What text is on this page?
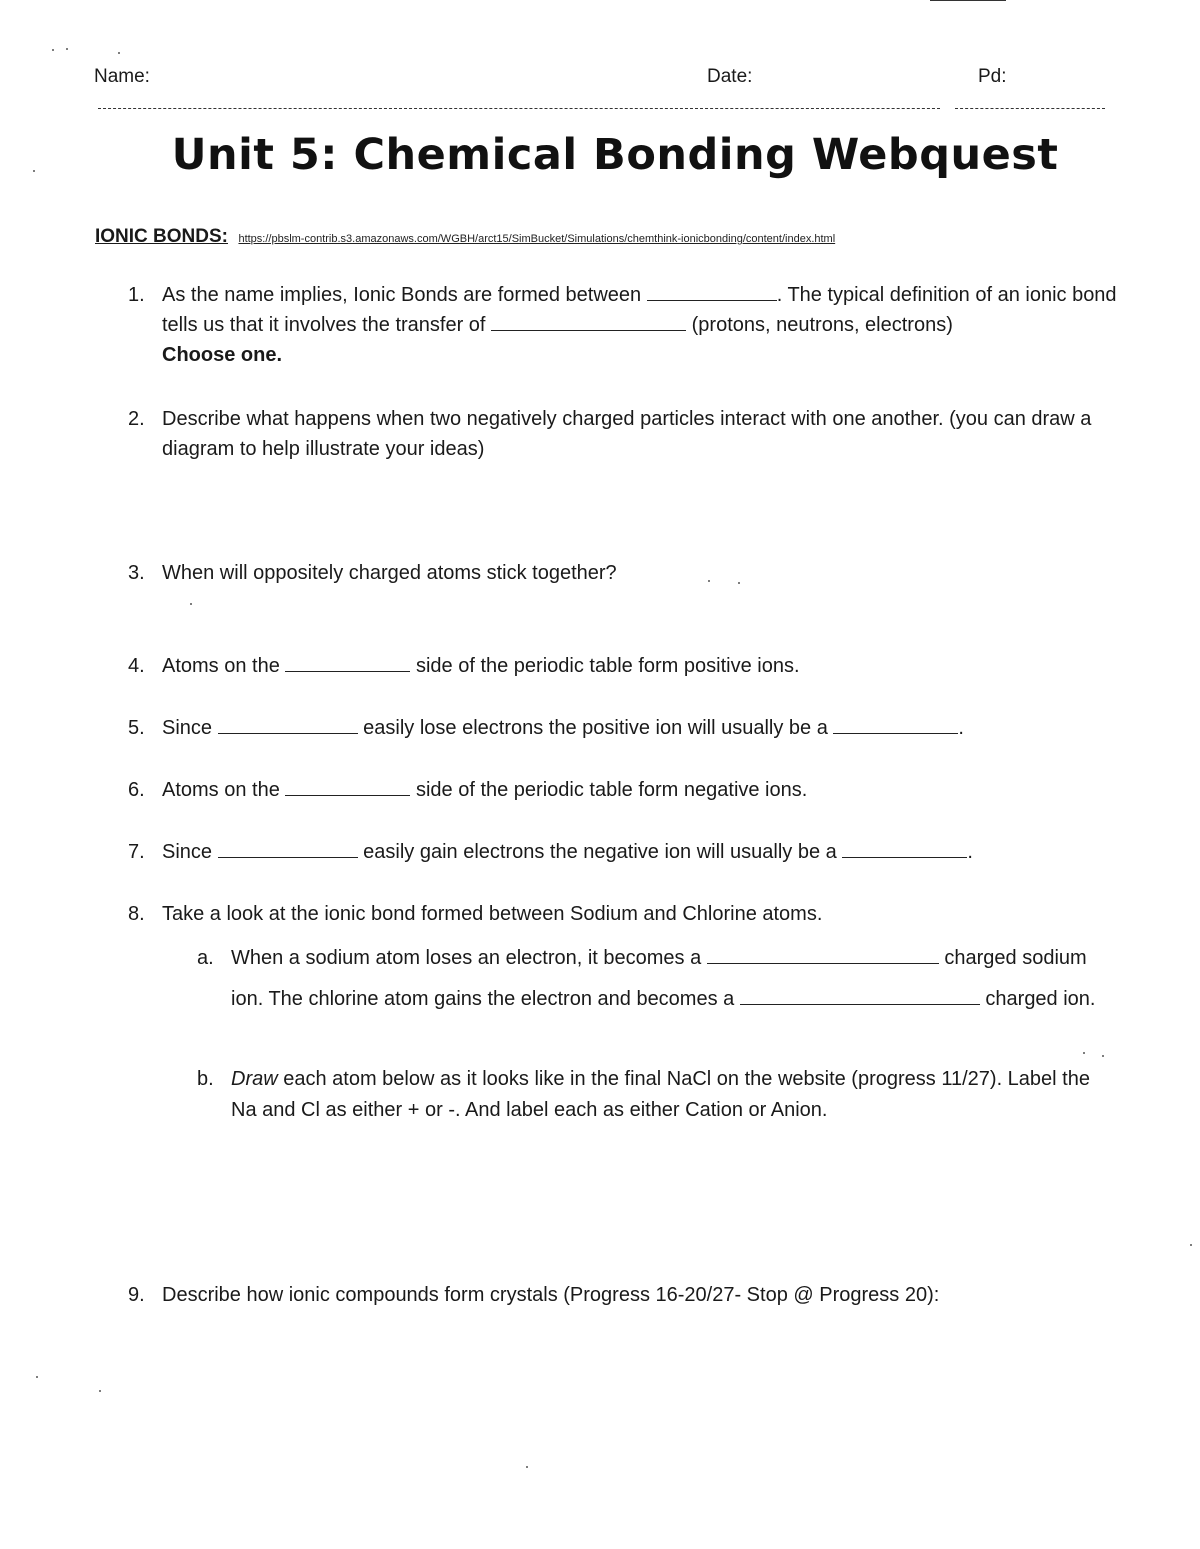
Name:	Date:	Pd:
Unit 5: Chemical Bonding Webquest
IONIC BONDS: https://pbslm-contrib.s3.amazonaws.com/WGBH/arct15/SimBucket/Simulations/chemthink-ionicbonding/content/index.html
1. As the name implies, Ionic Bonds are formed between	. The typical definition of an ionic bond tells us that it involves the transfer of	(protons, neutrons, electrons)
Choose one.
2. Describe what happens when two negatively charged particles interact with one another. (you can draw a diagram to help illustrate your ideas)
3. When will oppositely charged atoms stick together?
4. Atoms on the	side of the periodic table form positive ions.
5. Since	easily lose electrons the positive ion will usually be a	.
6. Atoms on the	side of the periodic table form negative ions.
7. Since	easily gain electrons the negative ion will usually be a	.
8. Take a look at the ionic bond formed between Sodium and Chlorine atoms.
a. When a sodium atom loses an electron, it becomes a	charged sodium ion. The chlorine atom gains the electron and becomes a	charged ion.
b. Draw each atom below as it looks like in the final NaCl on the website (progress 11/27). Label the Na and Cl as either + or -. And label each as either Cation or Anion.
9. Describe how ionic compounds form crystals (Progress 16-20/27- Stop @ Progress 20):
